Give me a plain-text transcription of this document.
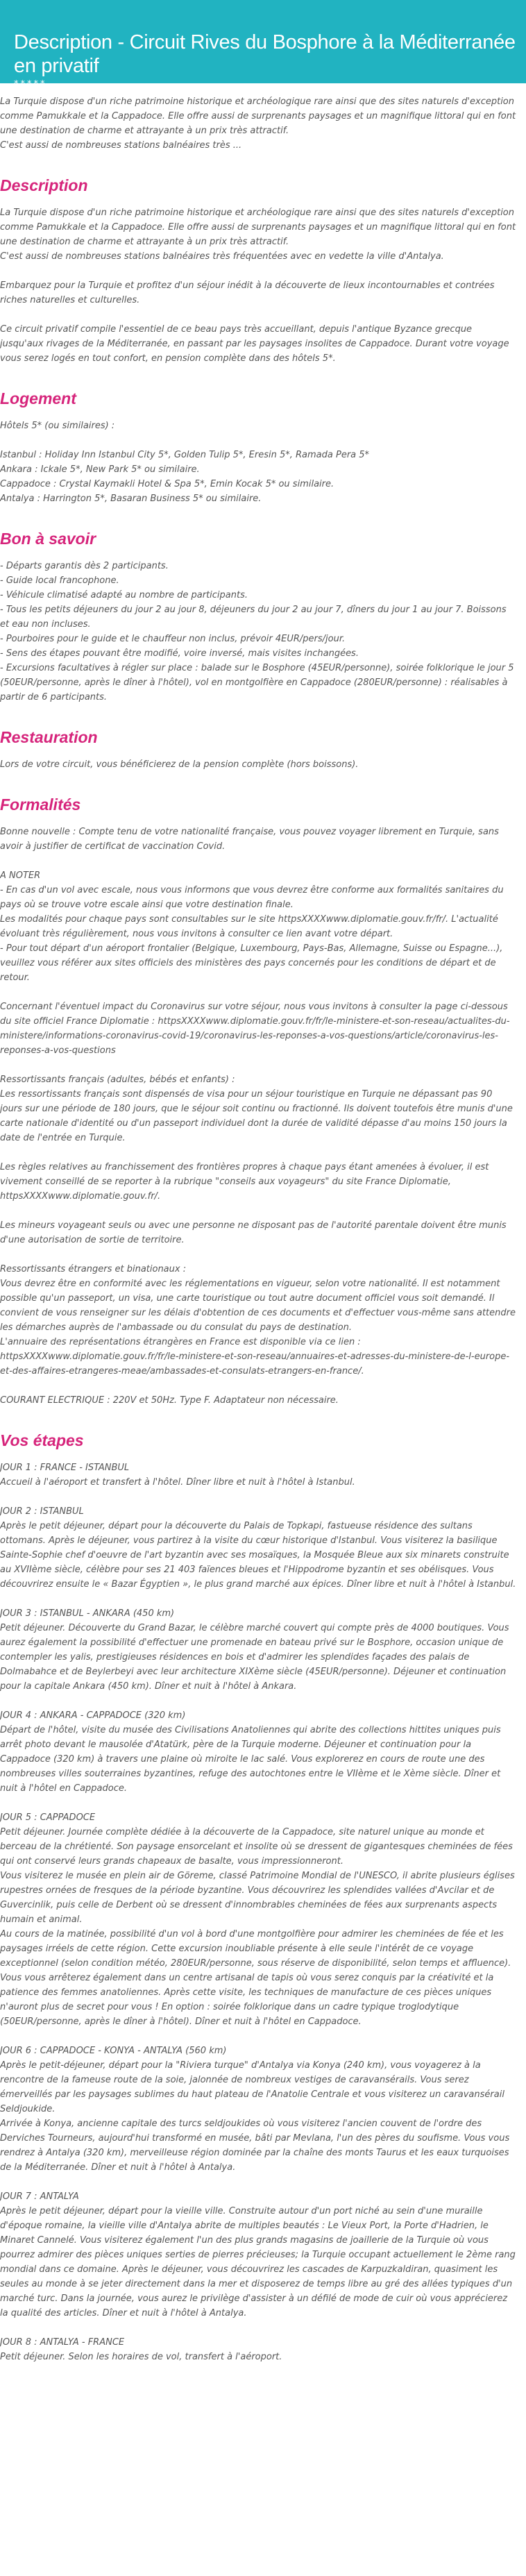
Description - Circuit Rives du Bosphore à la Méditerranée en privatif
*****

La Turquie dispose d'un riche patrimoine historique et archéologique rare ainsi que des sites naturels d'exception comme Pamukkale et la Cappadoce. Elle offre aussi de surprenants paysages et un magnifique littoral qui en font une destination de charme et attrayante à un prix très attractif.

C'est aussi de nombreuses stations balnéaires très ...

Description

La Turquie dispose d'un riche patrimoine historique et archéologique rare ainsi que des sites naturels d'exception comme Pamukkale et la Cappadoce. Elle offre aussi de surprenants paysages et un magnifique littoral qui en font une destination de charme et attrayante à un prix très attractif.

C'est aussi de nombreuses stations balnéaires très fréquentées avec en vedette la ville d'Antalya.

Embarquez pour la Turquie et profitez d'un séjour inédit à la découverte de lieux incontournables et contrées riches naturelles et culturelles.

Ce circuit privatif compile l'essentiel de ce beau pays très accueillant, depuis l'antique Byzance grecque jusqu'aux rivages de la Méditerranée, en passant par les paysages insolites de Cappadoce. Durant votre voyage vous serez logés en tout confort, en pension complète dans des hôtels 5*.

Logement

Hôtels 5* (ou similaires) :

Istanbul : Holiday Inn Istanbul City 5*, Golden Tulip 5*, Eresin 5*, Ramada Pera 5*

Ankara : Ickale 5*, New Park 5* ou similaire.

Cappadoce : Crystal Kaymakli Hotel & Spa 5*, Emin Kocak 5* ou similaire.

Antalya : Harrington 5*, Basaran Business 5* ou similaire.

Bon à savoir

- Départs garantis dès 2 participants.

- Guide local francophone.

- Véhicule climatisé adapté au nombre de participants.

- Tous les petits déjeuners du jour 2 au jour 8, déjeuners du jour 2 au jour 7, dîners du jour 1 au jour 7. Boissons et eau non incluses.

- Pourboires pour le guide et le chauffeur non inclus, prévoir 4EUR/pers/jour.

- Sens des étapes pouvant être modifié, voire inversé, mais visites inchangées.

- Excursions facultatives à régler sur place : balade sur le Bosphore (45EUR/personne), soirée folklorique le jour 5 (50EUR/personne, après le dîner à l'hôtel), vol en montgolfière en Cappadoce (280EUR/personne) : réalisables à partir de 6 participants.

Restauration

Lors de votre circuit, vous bénéficierez de la pension complète (hors boissons).

Formalités

Bonne nouvelle : Compte tenu de votre nationalité française, vous pouvez voyager librement en Turquie, sans avoir à justifier de certificat de vaccination Covid.

A NOTER

- En cas d'un vol avec escale, nous vous informons que vous devrez être conforme aux formalités sanitaires du pays où se trouve votre escale ainsi que votre destination finale.

Les modalités pour chaque pays sont consultables sur le site httpsXXXXwww.diplomatie.gouv.fr/fr/. L'actualité évoluant très régulièrement, nous vous invitons à consulter ce lien avant votre départ.

- Pour tout départ d'un aéroport frontalier (Belgique, Luxembourg, Pays-Bas, Allemagne, Suisse ou Espagne...), veuillez vous référer aux sites officiels des ministères des pays concernés pour les conditions de départ et de retour.

Concernant l'éventuel impact du Coronavirus sur votre séjour, nous vous invitons à consulter la page ci-dessous du site officiel France Diplomatie : httpsXXXXwww.diplomatie.gouv.fr/fr/le-ministere-et-son-reseau/actualites-du-ministere/informations-coronavirus-covid-19/coronavirus-les-reponses-a-vos-questions/article/coronavirus-les-reponses-a-vos-questions

Ressortissants français (adultes, bébés et enfants) :

Les ressortissants français sont dispensés de visa pour un séjour touristique en Turquie ne dépassant pas 90 jours sur une période de 180 jours, que le séjour soit continu ou fractionné. Ils doivent toutefois être munis d'une carte nationale d'identité ou d'un passeport individuel dont la durée de validité dépasse d'au moins 150 jours la date de l'entrée en Turquie.

Les règles relatives au franchissement des frontières propres à chaque pays étant amenées à évoluer, il est vivement conseillé de se reporter à la rubrique "conseils aux voyageurs" du site France Diplomatie, httpsXXXXwww.diplomatie.gouv.fr/.

Les mineurs voyageant seuls ou avec une personne ne disposant pas de l'autorité parentale doivent être munis d'une autorisation de sortie de territoire.

Ressortissants étrangers et binationaux :

Vous devrez être en conformité avec les réglementations en vigueur, selon votre nationalité. Il est notamment possible qu'un passeport, un visa, une carte touristique ou tout autre document officiel vous soit demandé. Il convient de vous renseigner sur les délais d'obtention de ces documents et d'effectuer vous-même sans attendre les démarches auprès de l'ambassade ou du consulat du pays de destination.

L'annuaire des représentations étrangères en France est disponible via ce lien : httpsXXXXwww.diplomatie.gouv.fr/fr/le-ministere-et-son-reseau/annuaires-et-adresses-du-ministere-de-l-europe-et-des-affaires-etrangeres-meae/ambassades-et-consulats-etrangers-en-france/.

COURANT ELECTRIQUE : 220V et 50Hz. Type F. Adaptateur non nécessaire.

Vos étapes

JOUR 1 : FRANCE - ISTANBUL

Accueil à l'aéroport et transfert à l'hôtel. Dîner libre et nuit à l'hôtel à Istanbul.

JOUR 2 : ISTANBUL

Après le petit déjeuner, départ pour la découverte du Palais de Topkapi, fastueuse résidence des sultans ottomans. Après le déjeuner, vous partirez à la visite du cœur historique d'Istanbul. Vous visiterez la basilique Sainte-Sophie chef d'oeuvre de l'art byzantin avec ses mosaïques, la Mosquée Bleue aux six minarets construite au XVIIème siècle, célèbre pour ses 21 403 faïences bleues et l'Hippodrome byzantin et ses obélisques. Vous découvrirez ensuite le « Bazar Égyptien », le plus grand marché aux épices. Dîner libre et nuit à l'hôtel à Istanbul.

JOUR 3 : ISTANBUL - ANKARA (450 km)

Petit déjeuner. Découverte du Grand Bazar, le célèbre marché couvert qui compte près de 4000 boutiques. Vous aurez également la possibilité d'effectuer une promenade en bateau privé sur le Bosphore, occasion unique de contempler les yalis, prestigieuses résidences en bois et d'admirer les splendides façades des palais de Dolmabahce et de Beylerbeyi avec leur architecture XIXème siècle (45EUR/personne). Déjeuner et continuation pour la capitale Ankara (450 km). Dîner et nuit à l'hôtel à Ankara.

JOUR 4 : ANKARA - CAPPADOCE (320 km)

Départ de l'hôtel, visite du musée des Civilisations Anatoliennes qui abrite des collections hittites uniques puis arrêt photo devant le mausolée d'Atatürk, père de la Turquie moderne. Déjeuner et continuation pour la Cappadoce (320 km) à travers une plaine où miroite le lac salé. Vous explorerez en cours de route une des nombreuses villes souterraines byzantines, refuge des autochtones entre le VIIème et le Xème siècle. Dîner et nuit à l'hôtel en Cappadoce.

JOUR 5 : CAPPADOCE

Petit déjeuner. Journée complète dédiée à la découverte de la Cappadoce, site naturel unique au monde et berceau de la chrétienté. Son paysage ensorcelant et insolite où se dressent de gigantesques cheminées de fées qui ont conservé leurs grands chapeaux de basalte, vous impressionneront.

Vous visiterez le musée en plein air de Göreme, classé Patrimoine Mondial de l'UNESCO, il abrite plusieurs églises rupestres ornées de fresques de la période byzantine. Vous découvrirez les splendides vallées d'Avcilar et de Guvercinlik, puis celle de Derbent où se dressent d'innombrables cheminées de fées aux surprenants aspects humain et animal.

Au cours de la matinée, possibilité d'un vol à bord d'une montgolfière pour admirer les cheminées de fée et les paysages irréels de cette région. Cette excursion inoubliable présente à elle seule l'intérêt de ce voyage exceptionnel (selon condition météo, 280EUR/personne, sous réserve de disponibilité, selon temps et affluence).

Vous vous arrêterez également dans un centre artisanal de tapis où vous serez conquis par la créativité et la patience des femmes anatoliennes. Après cette visite, les techniques de manufacture de ces pièces uniques n'auront plus de secret pour vous ! En option : soirée folklorique dans un cadre typique troglodytique (50EUR/personne, après le dîner à l'hôtel). Dîner et nuit à l'hôtel en Cappadoce.

JOUR 6 : CAPPADOCE - KONYA - ANTALYA (560 km)

Après le petit-déjeuner, départ pour la "Riviera turque" d'Antalya via Konya (240 km), vous voyagerez à la rencontre de la fameuse route de la soie, jalonnée de nombreux vestiges de caravansérails. Vous serez émerveillés par les paysages sublimes du haut plateau de l'Anatolie Centrale et vous visiterez un caravansérail Seldjoukide.

Arrivée à Konya, ancienne capitale des turcs seldjoukides où vous visiterez l'ancien couvent de l'ordre des Derviches Tourneurs, aujourd'hui transformé en musée, bâti par Mevlana, l'un des pères du soufisme. Vous vous rendrez à Antalya (320 km), merveilleuse région dominée par la chaîne des monts Taurus et les eaux turquoises de la Méditerranée. Dîner et nuit à l'hôtel à Antalya.

JOUR 7 : ANTALYA

Après le petit déjeuner, départ pour la vieille ville. Construite autour d'un port niché au sein d'une muraille d'époque romaine, la vieille ville d'Antalya abrite de multiples beautés : Le Vieux Port, la Porte d'Hadrien, le Minaret Cannelé. Vous visiterez également l'un des plus grands magasins de joaillerie de la Turquie où vous pourrez admirer des pièces uniques serties de pierres précieuses; la Turquie occupant actuellement le 2ème rang mondial dans ce domaine. Après le déjeuner, vous découvrirez les cascades de Karpuzkaldiran, quasiment les seules au monde à se jeter directement dans la mer et disposerez de temps libre au gré des allées typiques d'un marché turc. Dans la journée, vous aurez le privilège d'assister à un défilé de mode de cuir où vous apprécierez la qualité des articles. Dîner et nuit à l'hôtel à Antalya.

JOUR 8 : ANTALYA - FRANCE

Petit déjeuner. Selon les horaires de vol, transfert à l'aéroport.
